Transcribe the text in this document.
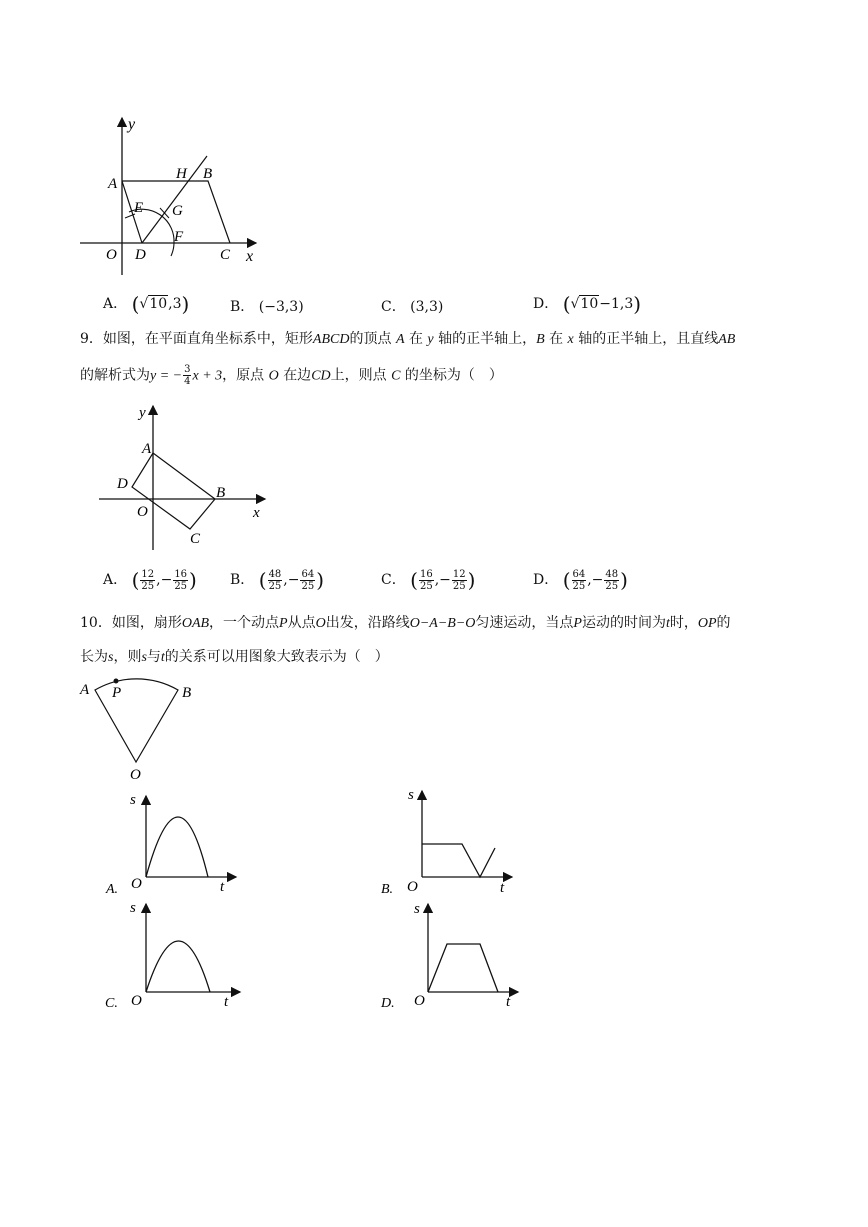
y
A
H B
E G
F
O D	C x
A． (√10,3)	B． (−3,3)	C． (3,3)	D． (√10−1,3)
9．如图，在平面直角坐标系中，矩形ABCD的顶点 A 在 y 轴的正半轴上，B 在 x 轴的正半轴上，且直线AB
的解析式为y = − $\frac{3}{4}$ x + 3，原点 O 在边CD上，则点 C 的坐标为（　）
y
A
D
B
O	x
C
A． ( $\frac{12}{25}$ ,− $\frac{16}{25}$ ) B． ( $\frac{48}{25}$ ,− $\frac{64}{25}$ )	C． ( $\frac{16}{25}$ ,− $\frac{12}{25}$ )	D． ( $\frac{64}{25}$ ,− $\frac{48}{25}$ )
10．如图，扇形OAB，一个动点P从点O出发，沿路线O−A−B−O匀速运动，当点P运动的时间为t时，OP的
长为s，则s与t的关系可以用图象大致表示为（　）
A P	B
O
s
O	t
A.
s
O	t
B.
s
O	t
C.
s
O	t
D.
